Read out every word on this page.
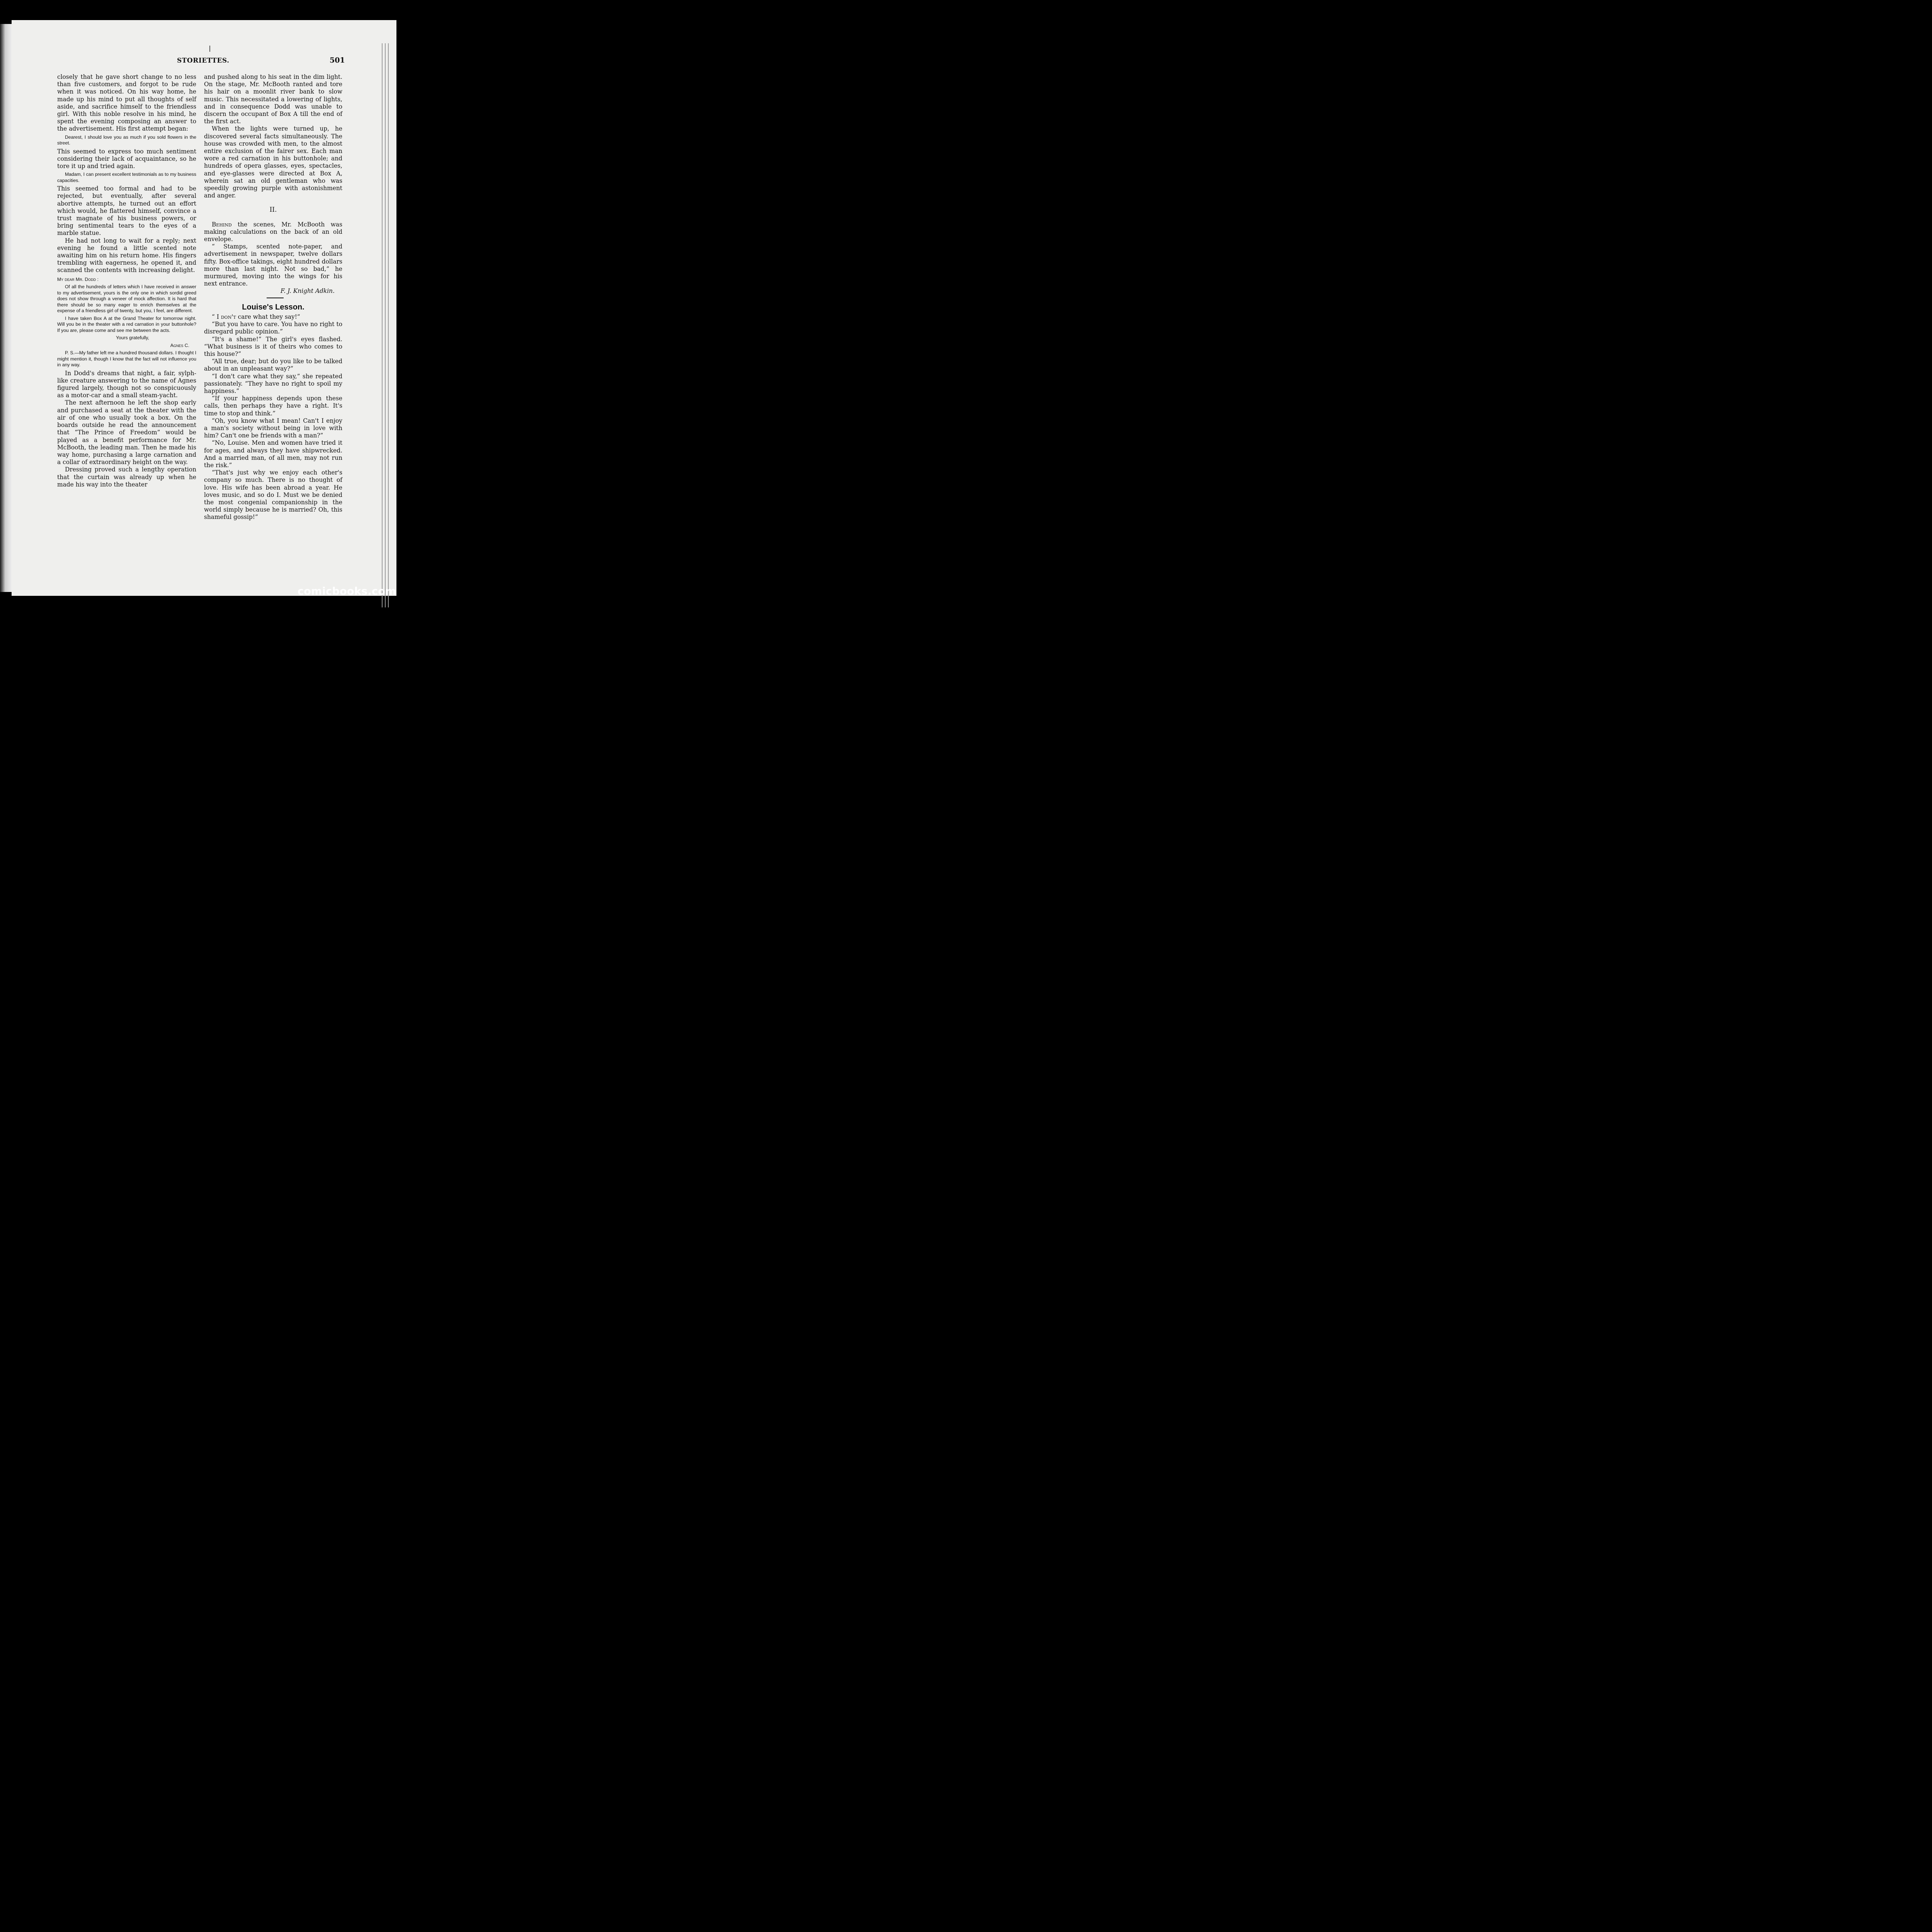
STORIETTES.	501

closely that he gave short change to no less than five customers, and forgot to be rude when it was noticed. On his way home, he made up his mind to put all thoughts of self aside, and sacrifice himself to the friendless girl. With this noble resolve in his mind, he spent the evening composing an answer to the advertisement. His first attempt began:

Dearest, I should love you as much if you sold flowers in the street.

This seemed to express too much sentiment considering their lack of acquaintance, so he tore it up and tried again.

Madam, I can present excellent testimonials as to my business capacities.

This seemed too formal and had to be rejected, but eventually, after several abortive attempts, he turned out an effort which would, he flattered himself, convince a trust magnate of his business powers, or bring sentimental tears to the eyes of a marble statue.

He had not long to wait for a reply; next evening he found a little scented note awaiting him on his return home. His fingers trembling with eagerness, he opened it, and scanned the contents with increasing delight.

My dear Mr. Dodd :

Of all the hundreds of letters which I have received in answer to my advertisement, yours is the only one in which sordid greed does not show through a veneer of mock affection. It is hard that there should be so many eager to enrich themselves at the expense of a friendless girl of twenty, but you, I feel, are different.

I have taken Box A at the Grand Theater for tomorrow night. Will you be in the theater with a red carnation in your buttonhole? If you are, please come and see me between the acts.

Yours gratefully,

Agnes C.

P. S.—My father left me a hundred thousand dollars. I thought I might mention it, though I know that the fact will not influence you in any way.

In Dodd's dreams that night, a fair, sylph-like creature answering to the name of Agnes figured largely, though not so conspicuously as a motor-car and a small steam-yacht.

The next afternoon he left the shop early and purchased a seat at the theater with the air of one who usually took a box. On the boards outside he read the announcement that “The Prince of Freedom” would be played as a benefit performance for Mr. McBooth, the leading man. Then he made his way home, purchasing a large carnation and a collar of extraordinary height on the way.

Dressing proved such a lengthy operation that the curtain was already up when he made his way into the theater

and pushed along to his seat in the dim light. On the stage, Mr. McBooth ranted and tore his hair on a moonlit river bank to slow music. This necessitated a lowering of lights, and in consequence Dodd was unable to discern the occupant of Box A till the end of the first act.

When the lights were turned up, he discovered several facts simultaneously. The house was crowded with men, to the almost entire exclusion of the fairer sex. Each man wore a red carnation in his buttonhole; and hundreds of opera glasses, eyes, spectacles, and eye-glasses were directed at Box A, wherein sat an old gentleman who was speedily growing purple with astonishment and anger.

II.

Behind the scenes, Mr. McBooth was making calculations on the back of an old envelope.

“ Stamps, scented note-paper, and advertisement in newspaper, twelve dollars fifty. Box-office takings, eight hundred dollars more than last night. Not so bad,” he murmured, moving into the wings for his next entrance.

F. J. Knight Adkin.

Louise's Lesson.

“ I don't care what they say!”

“But you have to care. You have no right to disregard public opinion.”

“It's a shame!” The girl's eyes flashed. “What business is it of theirs who comes to this house?”

“All true, dear; but do you like to be talked about in an unpleasant way?”

“I don't care what they say,” she repeated passionately. “They have no right to spoil my happiness.”

“If your happiness depends upon these calls, then perhaps they have a right. It's time to stop and think.”

“Oh, you know what I mean! Can't I enjoy a man's society without being in love with him? Can't one be friends with a man?”

“No, Louise. Men and women have tried it for ages, and always they have shipwrecked. And a married man, of all men, may not run the risk.”

“That's just why we enjoy each other's company so much. There is no thought of love. His wife has been abroad a year. He loves music, and so do I. Must we be denied the most congenial companionship in the world simply because he is married? Oh, this shameful gossip!”

comicbooks.com
